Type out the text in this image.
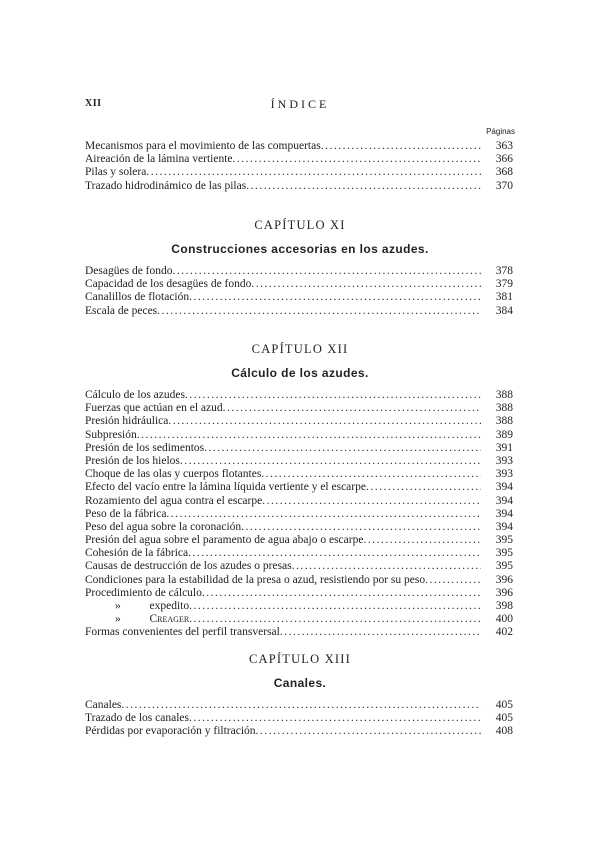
XII	ÍNDICE
Páginas
Mecanismos para el movimiento de las compuertas .....	363
Aireación de la lámina vertiente .....	366
Pilas y solera .....	368
Trazado hidrodinámico de las pilas .....	370
CAPÍTULO XI
Construcciones accesorias en los azudes.
Desagües de fondo .....	378
Capacidad de los desagües de fondo .....	379
Canalillos de flotación .....	381
Escala de peces .....	384
CAPÍTULO XII
Cálculo de los azudes.
Cálculo de los azudes .....	388
Fuerzas que actúan en el azud .....	388
Presión hidráulica .....	388
Subpresión .....	389
Presión de los sedimentos .....	391
Presión de los hielos .....	393
Choque de las olas y cuerpos flotantes .....	393
Efecto del vacío entre la lámina líquida vertiente y el escarpe .....	394
Rozamiento del agua contra el escarpe .....	394
Peso de la fábrica .....	394
Peso del agua sobre la coronación .....	394
Presión del agua sobre el paramento de agua abajo o escarpe .....	395
Cohesión de la fábrica .....	395
Causas de destrucción de los azudes o presas .....	395
Condiciones para la estabilidad de la presa o azud, resistiendo por su peso .....	396
Procedimiento de cálculo .....	396
»          expedito .....	398
»          Creager .....	400
Formas convenientes del perfil transversal .....	402
CAPÍTULO XIII
Canales.
Canales .....	405
Trazado de los canales .....	405
Pérdidas por evaporación y filtración .....	408
